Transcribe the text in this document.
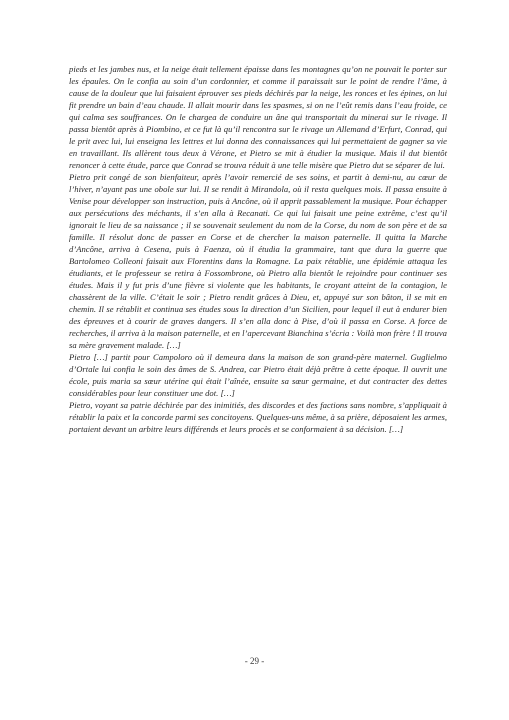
pieds et les jambes nus, et la neige était tellement épaisse dans les montagnes qu’on ne pouvait le porter sur les épaules. On le confia au soin d’un cordonnier, et comme il paraissait sur le point de rendre l’âme, à cause de la douleur que lui faisaient éprouver ses pieds déchirés par la neige, les ronces et les épines, on lui fit prendre un bain d’eau chaude. Il allait mourir dans les spasmes, si on ne l’eût remis dans l’eau froide, ce qui calma ses souffrances. On le chargea de conduire un âne qui transportait du minerai sur le rivage. Il passa bientôt après à Piombino, et ce fut là qu’il rencontra sur le rivage un Allemand d’Erfurt, Conrad, qui le prit avec lui, lui enseigna les lettres et lui donna des connaissances qui lui permettaient de gagner sa vie en travaillant. Ils allèrent tous deux à Vérone, et Pietro se mit à étudier la musique. Mais il dut bientôt renoncer à cette étude, parce que Conrad se trouva réduit à une telle misère que Pietro dut se séparer de lui.

Pietro prit congé de son bienfaiteur, après l’avoir remercié de ses soins, et partit à demi-nu, au cœur de l’hiver, n’ayant pas une obole sur lui. Il se rendit à Mirandola, où il resta quelques mois. Il passa ensuite à Venise pour développer son instruction, puis à Ancône, où il apprit passablement la musique. Pour échapper aux persécutions des méchants, il s’en alla à Recanati. Ce qui lui faisait une peine extrême, c’est qu’il ignorait le lieu de sa naissance ; il se souvenait seulement du nom de la Corse, du nom de son père et de sa famille. Il résolut donc de passer en Corse et de chercher la maison paternelle. Il quitta la Marche d’Ancône, arriva à Cesena, puis à Faenza, où il étudia la grammaire, tant que dura la guerre que Bartolomeo Colleoni faisait aux Florentins dans la Romagne. La paix rétablie, une épidémie attaqua les étudiants, et le professeur se retira à Fossombrone, où Pietro alla bientôt le rejoindre pour continuer ses études. Mais il y fut pris d’une fièvre si violente que les habitants, le croyant atteint de la contagion, le chassèrent de la ville. C’était le soir ; Pietro rendit grâces à Dieu, et, appuyé sur son bâton, il se mit en chemin. Il se rétablit et continua ses études sous la direction d’un Sicilien, pour lequel il eut à endurer bien des épreuves et à courir de graves dangers. Il s’en alla donc à Pise, d’où il passa en Corse. A force de recherches, il arriva à la maison paternelle, et en l’apercevant Bianchina s’écria : Voilà mon frère ! Il trouva sa mère gravement malade. […]

Pietro […] partit pour Campoloro où il demeura dans la maison de son grand-père maternel. Guglielmo d’Ortale lui confia le soin des âmes de S. Andrea, car Pietro était déjà prêtre à cette époque. Il ouvrit une école, puis maria sa sœur utérine qui était l’aînée, ensuite sa sœur germaine, et dut contracter des dettes considérables pour leur constituer une dot. […]

Pietro, voyant sa patrie déchirée par des inimitiés, des discordes et des factions sans nombre, s’appliquait à rétablir la paix et la concorde parmi ses concitoyens. Quelques-uns même, à sa prière, déposaient les armes, portaient devant un arbitre leurs différends et leurs procès et se conformaient à sa décision. […]

- 29 -
